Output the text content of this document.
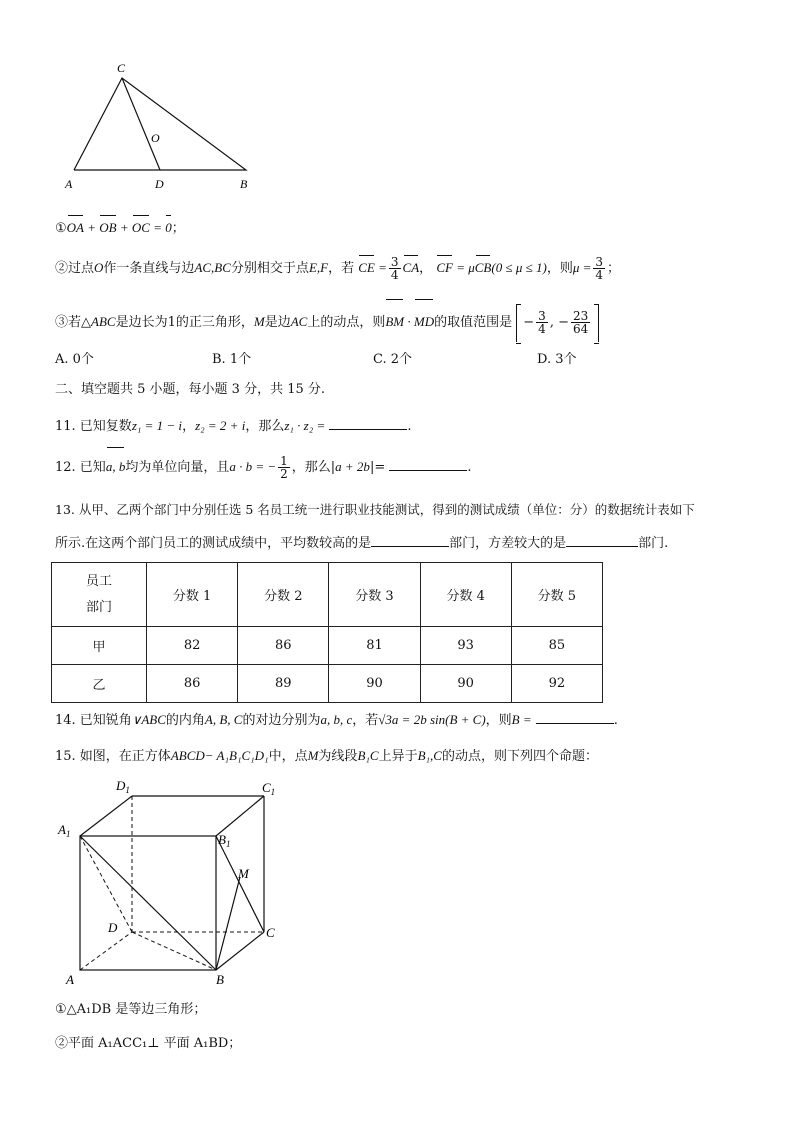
C
O
A	D	B
①OA + OB + OC = 0；
②过点O作一条直线与边AC,BC分别相交于点E,F，若 CE = $\frac{3}{4}$ CA， CF = μCB(0 ≤ μ ≤ 1)，则$\mu = \frac{3}{4}$ ；
③若△ABC是边长为1的正三角形，M是边AC上的动点，则BM · MD的取值范围是 − $\frac{3}{4}$ , − $\frac{23}{64}$
A. 0个	B. 1个	C. 2个	D. 3个
二、填空题共 5 小题，每小题 3 分，共 15 分.
11. 已知复数z₁ = 1 − i，z₂ = 2 + i，那么z₁ · z₂ =	.
12. 已知a, b均为单位向量，且a · b = − $\frac{1}{2}$ ，那么|a + 2b|=	.
13. 从甲、乙两个部门中分别任选 5 名员工统一进行职业技能测试，得到的测试成绩（单位：分）的数据统计表如下
所示.在这两个部门员工的测试成绩中，平均数较高的是	部门，方差较大的是	部门.
员工
部门	分数 1	分数 2	分数 3	分数 4	分数 5
甲	82	86	81	93	85
乙	86	89	90	90	92
14. 已知锐角∨ABC的内角A, B, C的对边分别为a, b, c，若√3a = 2b sin(B + C)，则B =	.
15. 如图，在正方体ABCD− A₁B₁C₁D₁中，点M为线段B₁C上异于B₁,C的动点，则下列四个命题：
$D_1$	$C_1$
$A_1$	$B_1$
M
D	C
A	B
①△A₁DB 是等边三角形；
②平面 A₁ACC₁⊥ 平面 A₁BD；
